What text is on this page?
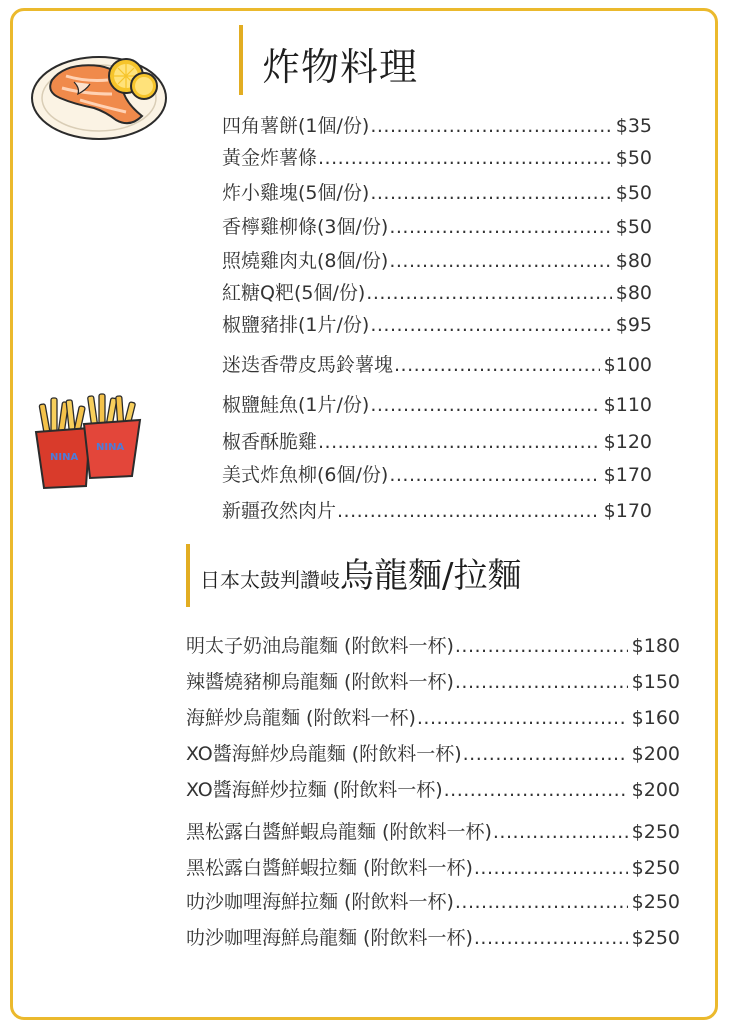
NINA
NINA
炸物料理
四角薯餅(1個/份) .....	$35
黃金炸薯條 .....	$50
炸小雞塊(5個/份) .....	$50
香檸雞柳條(3個/份) .....	$50
照燒雞肉丸(8個/份) .....	$80
紅糖Q粑(5個/份) .....	$80
椒鹽豬排(1片/份) .....	$95
迷迭香帶皮馬鈴薯塊 .....	$100
椒鹽鮭魚(1片/份) .....	$110
椒香酥脆雞 .....	$120
美式炸魚柳(6個/份) .....	$170
新疆孜然肉片 .....	$170
日本太鼓判讚岐烏龍麵/拉麵
明太子奶油烏龍麵 (附飲料一杯) .....	$180
辣醬燒豬柳烏龍麵 (附飲料一杯) .....	$150
海鮮炒烏龍麵 (附飲料一杯) .....	$160
XO醬海鮮炒烏龍麵 (附飲料一杯) .....	$200
XO醬海鮮炒拉麵 (附飲料一杯) .....	$200
黑松露白醬鮮蝦烏龍麵 (附飲料一杯) .....	$250
黑松露白醬鮮蝦拉麵 (附飲料一杯) .....	$250
叻沙咖哩海鮮拉麵 (附飲料一杯) .....	$250
叻沙咖哩海鮮烏龍麵 (附飲料一杯) .....	$250
